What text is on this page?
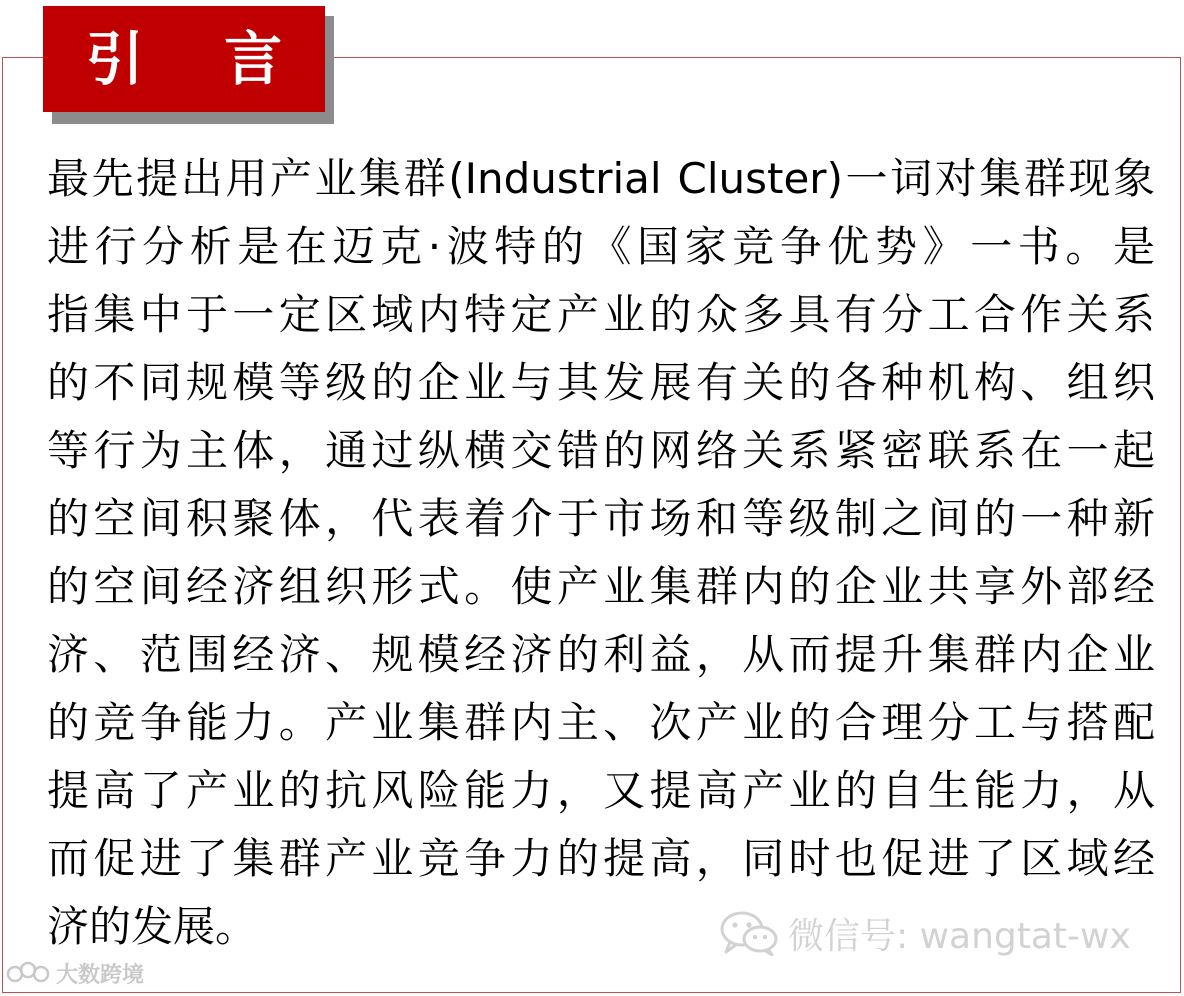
引 言
最先提出用产业集群(Industrial Cluster)一词对集群现象
进行分析是在迈克·波特的《国家竞争优势》一书。是
指集中于一定区域内特定产业的众多具有分工合作关系
的不同规模等级的企业与其发展有关的各种机构、组织
等行为主体，通过纵横交错的网络关系紧密联系在一起
的空间积聚体，代表着介于市场和等级制之间的一种新
的空间经济组织形式。使产业集群内的企业共享外部经
济、范围经济、规模经济的利益，从而提升集群内企业
的竞争能力。产业集群内主、次产业的合理分工与搭配
提高了产业的抗风险能力，又提高产业的自生能力，从
而促进了集群产业竞争力的提高，同时也促进了区域经
济的发展。	微信号: wangtat-wx
大数跨境
